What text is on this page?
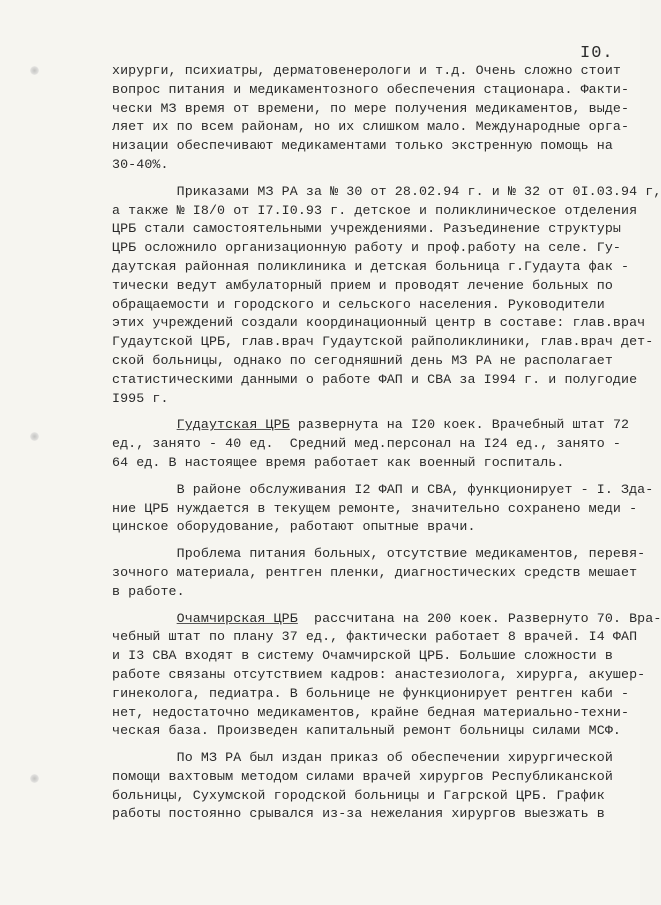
I0.
хирурги, психиатры, дерматовенерологи и т.д. Очень сложно стоит
вопрос питания и медикаментозного обеспечения стационара. Факти-
чески МЗ время от времени, по мере получения медикаментов, выде-
ляет их по всем районам, но их слишком мало. Международные орга-
низации обеспечивают медикаментами только экстренную помощь на
30-40%.
Приказами МЗ РА за № 30 от 28.02.94 г. и № 32 от 0I.03.94 г,
а также № I8/0 от I7.I0.93 г. детское и поликлиническое отделения
ЦРБ стали самостоятельными учреждениями. Разъединение структуры
ЦРБ осложнило организационную работу и проф.работу на селе. Гу-
даутская районная поликлиника и детская больница г.Гудаута фак -
тически ведут амбулаторный прием и проводят лечение больных по
обращаемости и городского и сельского населения. Руководители
этих учреждений создали координационный центр в составе: глав.врач
Гудаутской ЦРБ, глав.врач Гудаутской райполиклиники, глав.врач дет-
ской больницы, однако по сегодняшний день МЗ РА не располагает
статистическими данными о работе ФАП и СВА за I994 г. и полугодие
I995 г.
Гудаутская ЦРБ развернута на I20 коек. Врачебный штат 72
ед., занято - 40 ед.  Средний мед.персонал на I24 ед., занято -
64 ед. В настоящее время работает как военный госпиталь.
В районе обслуживания I2 ФАП и СВА, функционирует - I. Зда-
ние ЦРБ нуждается в текущем ремонте, значительно сохранено меди -
цинское оборудование, работают опытные врачи.
Проблема питания больных, отсутствие медикаментов, перевя-
зочного материала, рентген пленки, диагностических средств мешает
в работе.
Очамчирская ЦРБ  рассчитана на 200 коек. Развернуто 70. Вра-
чебный штат по плану 37 ед., фактически работает 8 врачей. I4 ФАП
и I3 СВА входят в систему Очамчирской ЦРБ. Большие сложности в
работе связаны отсутствием кадров: анастезиолога, хирурга, акушер-
гинеколога, педиатра. В больнице не функционирует рентген каби -
нет, недостаточно медикаментов, крайне бедная материально-техни-
ческая база. Произведен капитальный ремонт больницы силами МСФ.
По МЗ РА был издан приказ об обеспечении хирургической
помощи вахтовым методом силами врачей хирургов Республиканской
больницы, Сухумской городской больницы и Гагрской ЦРБ. График
работы постоянно срывался из-за нежелания хирургов выезжать в
